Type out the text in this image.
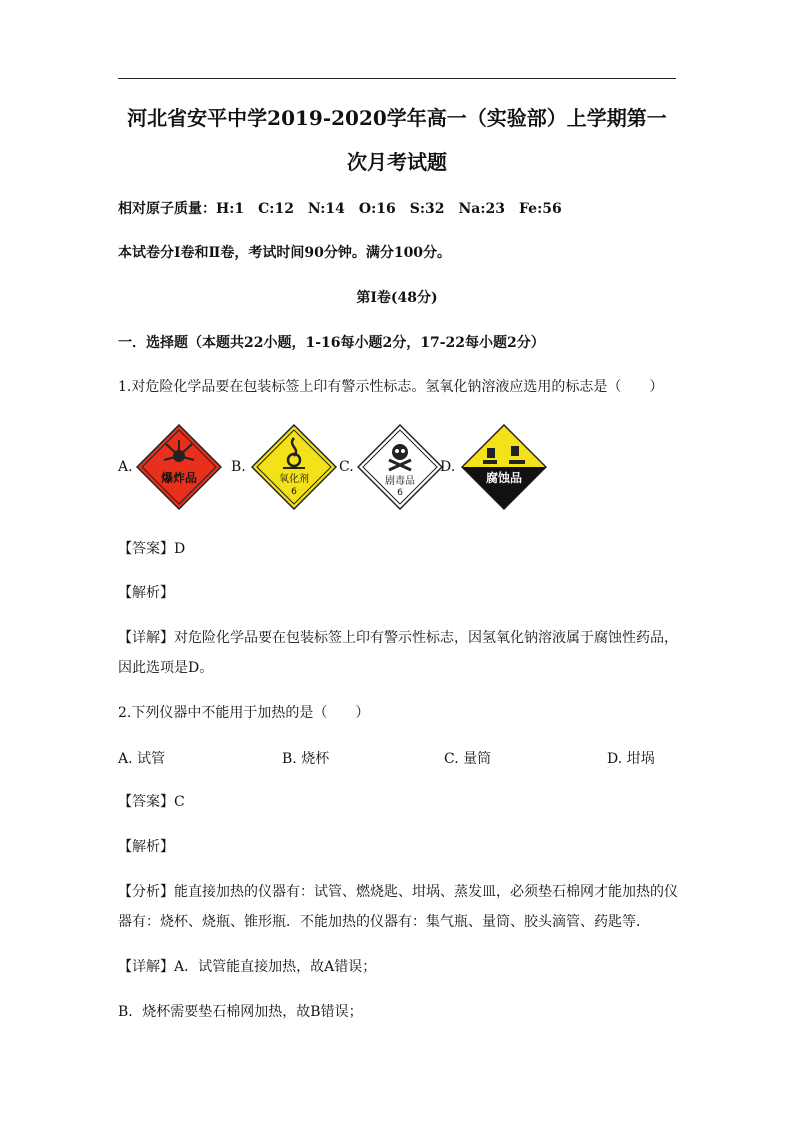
河北省安平中学2019-2020学年高一（实验部）上学期第一
次月考试题
相对原子质量：H:1　C:12　N:14　O:16　S:32　Na:23　Fe:56
本试卷分Ⅰ卷和Ⅱ卷，考试时间90分钟。满分100分。
第Ⅰ卷(48分)
一．选择题（本题共22小题，1-16每小题2分，17-22每小题2分）
1.对危险化学品要在包装标签上印有警示性标志。氢氧化钠溶液应选用的标志是（　　）
A.
爆炸品
B.
氧化剂
6
C.
剧毒品
6
D.
腐蚀品
【答案】D
【解析】
【详解】对危险化学品要在包装标签上印有警示性标志，因氢氧化钠溶液属于腐蚀性药品，
因此选项是D。
2.下列仪器中不能用于加热的是（　　）
A. 试管	B. 烧杯	C. 量筒	D. 坩埚
【答案】C
【解析】
【分析】能直接加热的仪器有：试管、燃烧匙、坩埚、蒸发皿，必须垫石棉网才能加热的仪
器有：烧杯、烧瓶、锥形瓶．不能加热的仪器有：集气瓶、量筒、胶头滴管、药匙等．
【详解】A．试管能直接加热，故A错误；
B．烧杯需要垫石棉网加热，故B错误；
